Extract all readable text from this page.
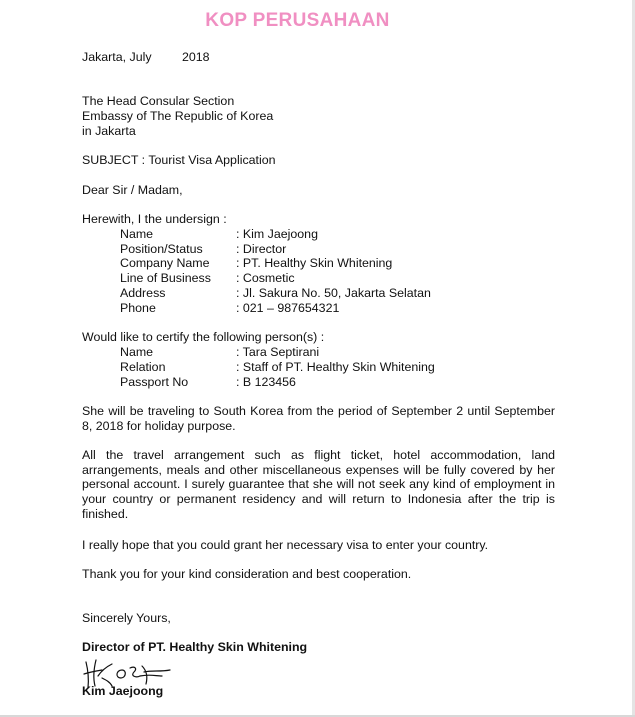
KOP PERUSAHAAN
Jakarta, July 2018
The Head Consular Section
Embassy of The Republic of Korea
in Jakarta
SUBJECT : Tourist Visa Application
Dear Sir / Madam,
Herewith, I the undersign :
Name	: Kim Jaejoong
Position/Status	: Director
Company Name : PT. Healthy Skin Whitening
Line of Business : Cosmetic
Address	: Jl. Sakura No. 50, Jakarta Selatan
Phone	: 021 – 987654321
Would like to certify the following person(s) :
Name	: Tara Septirani
Relation	: Staff of PT. Healthy Skin Whitening
Passport No	: B 123456
She will be traveling to South Korea from the period of September 2 until September 8, 2018 for holiday purpose.
All the travel arrangement such as flight ticket, hotel accommodation, land arrangements, meals and other miscellaneous expenses will be fully covered by her personal account. I surely guarantee that she will not seek any kind of employment in your country or permanent residency and will return to Indonesia after the trip is finished.
I really hope that you could grant her necessary visa to enter your country.
Thank you for your kind consideration and best cooperation.
Sincerely Yours,
Director of PT. Healthy Skin Whitening
Kim Jaejoong
